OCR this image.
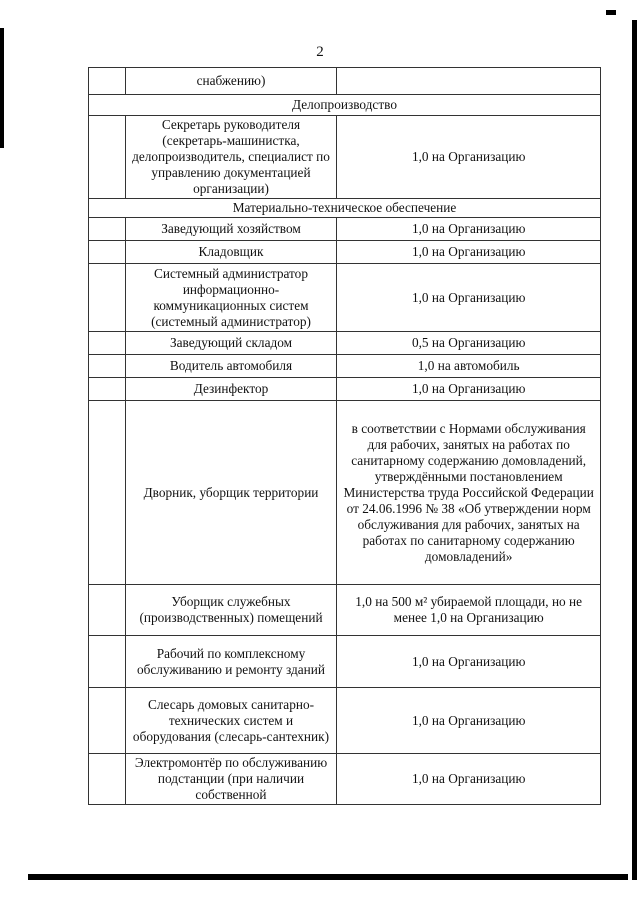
2
	снабжению)	
Делопроизводство		
	Секретарь руководителя (секретарь-машинистка, делопроизводитель, специалист по управлению документацией организации)	1,0 на Организацию
Материально-техническое обеспечение		
	Заведующий хозяйством	1,0 на Организацию
	Кладовщик	1,0 на Организацию
	Системный администратор информационно-коммуникационных систем (системный администратор)	1,0 на Организацию
	Заведующий складом	0,5 на Организацию
	Водитель автомобиля	1,0 на автомобиль
	Дезинфектор	1,0 на Организацию
	Дворник, уборщик территории	в соответствии с Нормами обслуживания для рабочих, занятых на работах по санитарному содержанию домовладений, утверждёнными постановлением Министерства труда Российской Федерации от 24.06.1996 № 38 «Об утверждении норм обслуживания для рабочих, занятых на работах по санитарному содержанию домовладений»
	Уборщик служебных (производственных) помещений	1,0 на 500 м² убираемой площади, но не менее 1,0 на Организацию
	Рабочий по комплексному обслуживанию и ремонту зданий	1,0 на Организацию
	Слесарь домовых санитарно-технических систем и оборудования (слесарь-сантехник)	1,0 на Организацию
	Электромонтёр по обслуживанию подстанции (при наличии собственной	1,0 на Организацию
